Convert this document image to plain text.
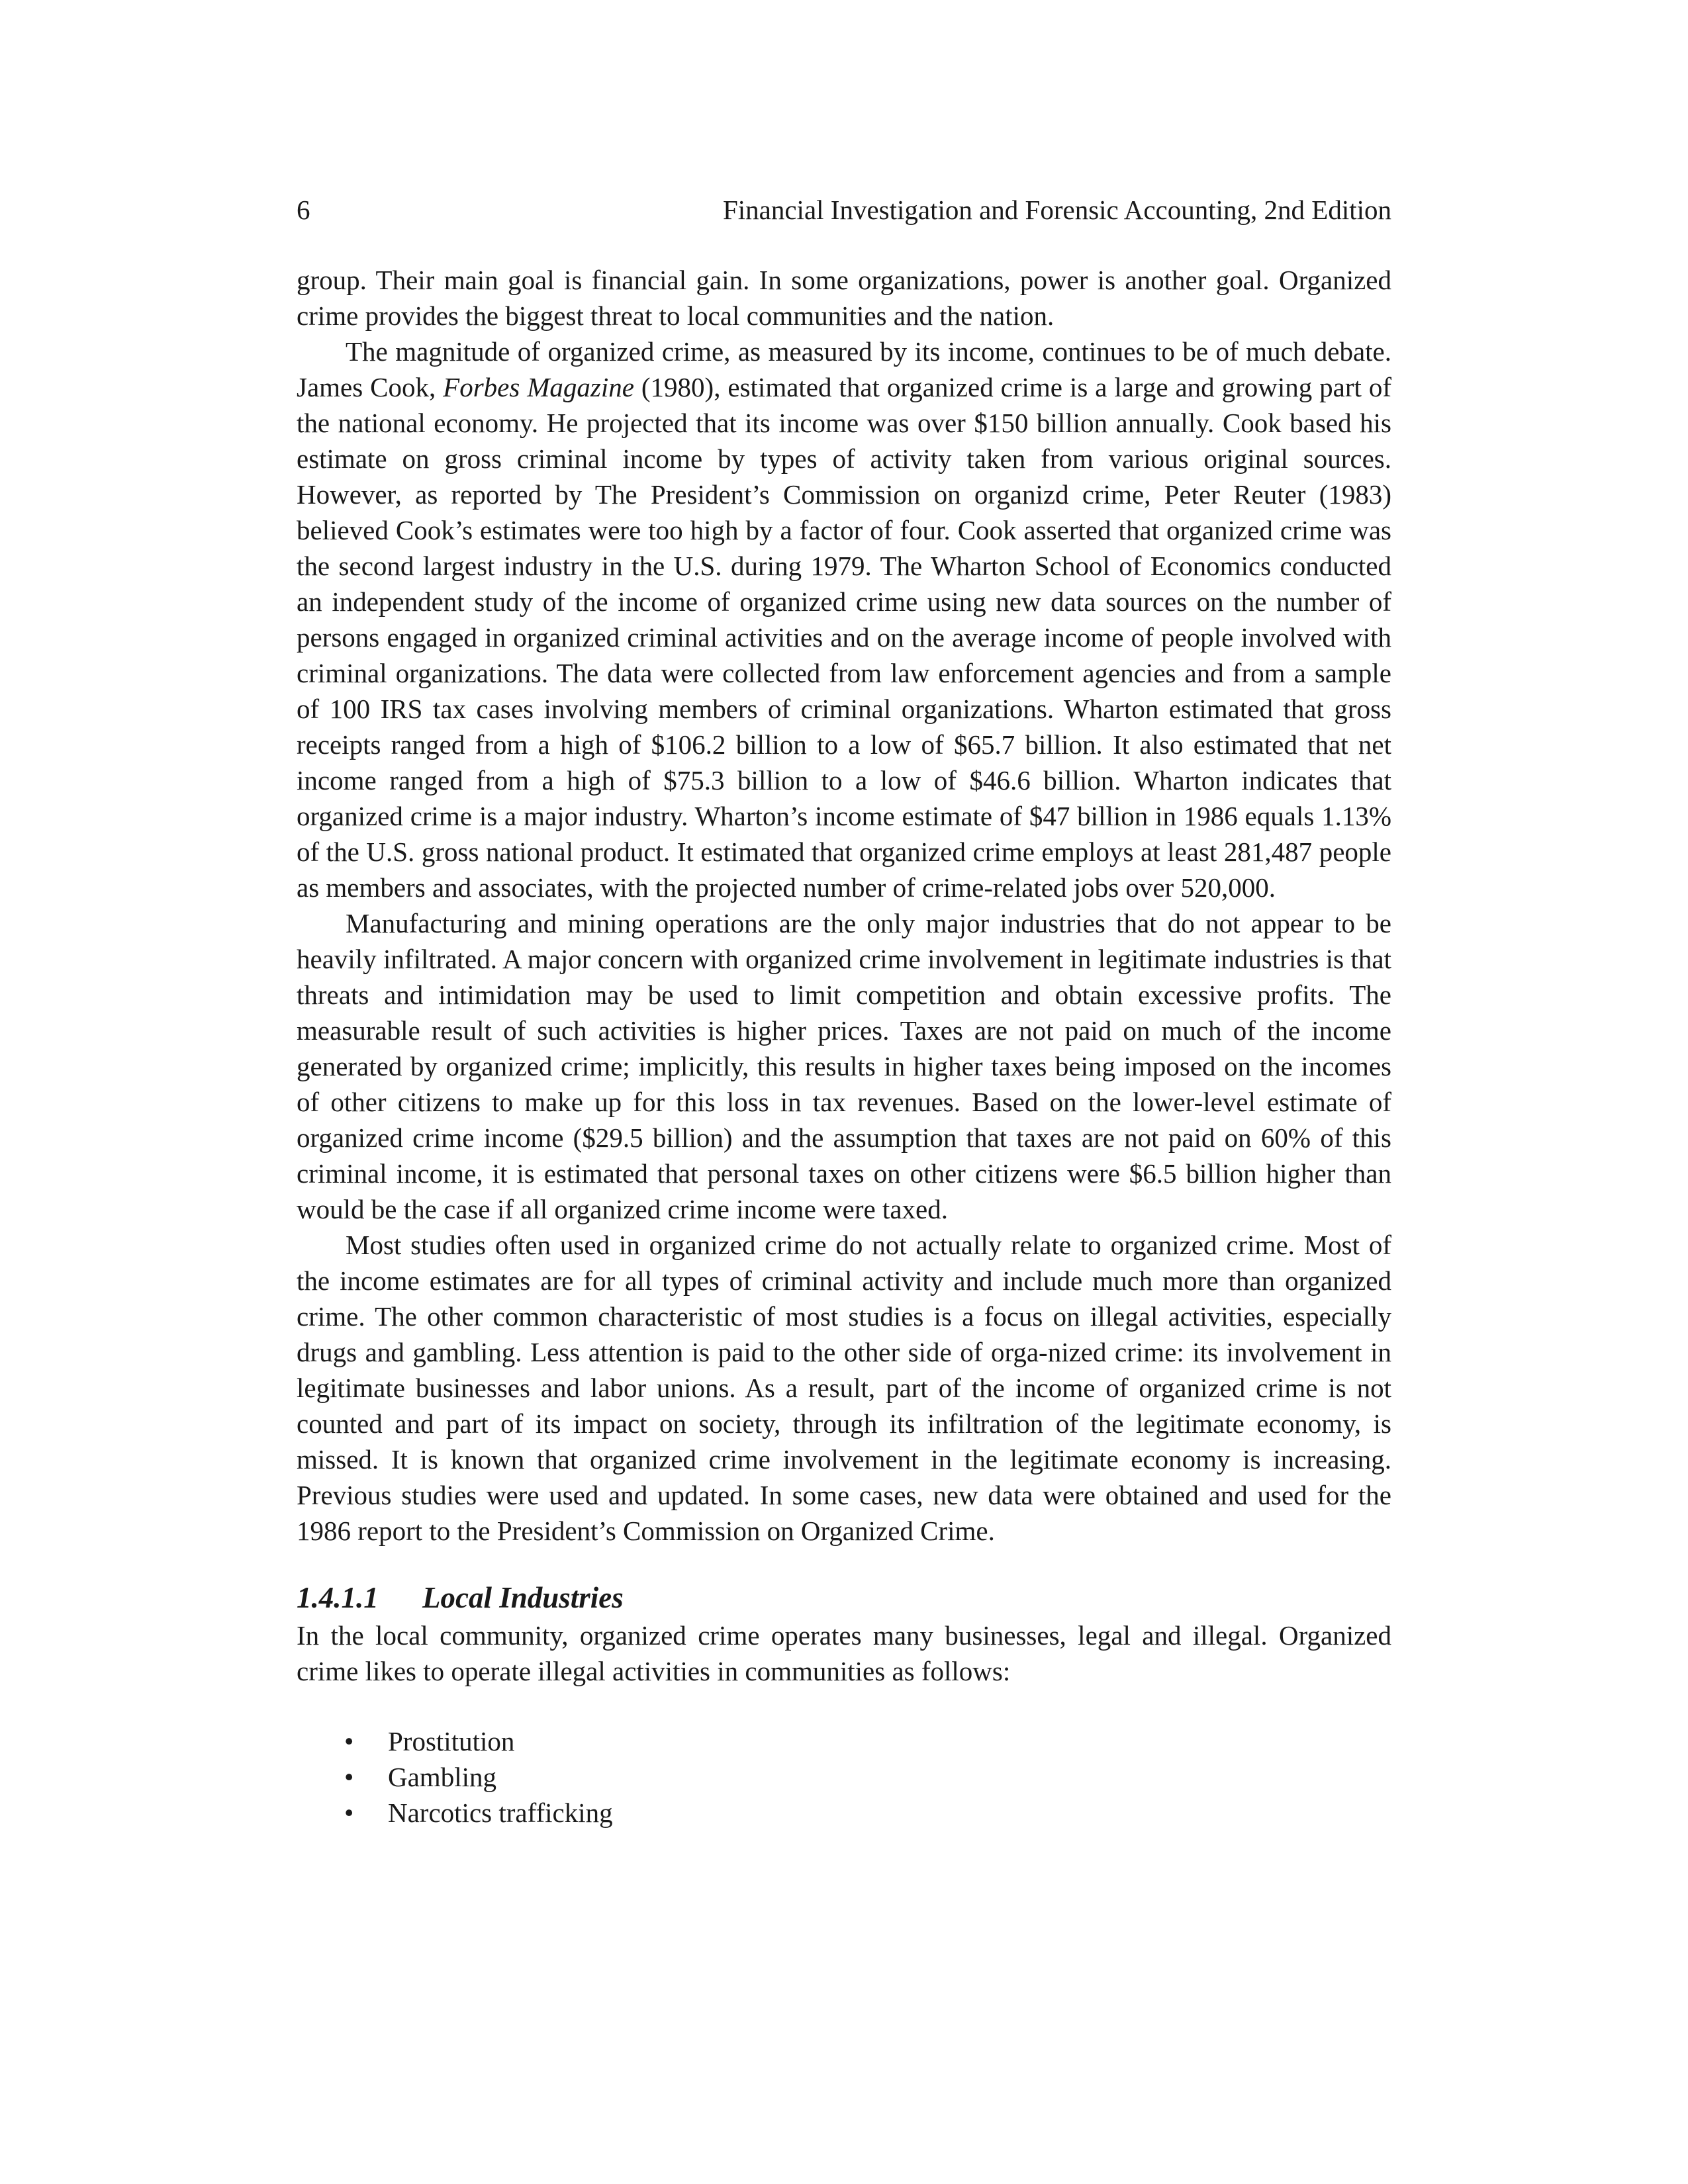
6	Financial Investigation and Forensic Accounting, 2nd Edition

group. Their main goal is financial gain. In some organizations, power is another goal. Organized crime provides the biggest threat to local communities and the nation.

The magnitude of organized crime, as measured by its income, continues to be of much debate. James Cook, Forbes Magazine (1980), estimated that organized crime is a large and growing part of the national economy. He projected that its income was over $150 billion annually. Cook based his estimate on gross criminal income by types of activity taken from various original sources. However, as reported by The President’s Commission on organizd crime, Peter Reuter (1983) believed Cook’s estimates were too high by a factor of four. Cook asserted that organized crime was the second largest industry in the U.S. during 1979. The Wharton School of Economics conducted an independent study of the income of organized crime using new data sources on the number of persons engaged in organized criminal activities and on the average income of people involved with criminal organizations. The data were collected from law enforcement agencies and from a sample of 100 IRS tax cases involving members of criminal organizations. Wharton estimated that gross receipts ranged from a high of $106.2 billion to a low of $65.7 billion. It also estimated that net income ranged from a high of $75.3 billion to a low of $46.6 billion. Wharton indicates that organized crime is a major industry. Wharton’s income estimate of $47 billion in 1986 equals 1.13% of the U.S. gross national product. It estimated that organized crime employs at least 281,487 people as members and associates, with the projected number of crime-related jobs over 520,000.

Manufacturing and mining operations are the only major industries that do not appear to be heavily infiltrated. A major concern with organized crime involvement in legitimate industries is that threats and intimidation may be used to limit competition and obtain excessive profits. The measurable result of such activities is higher prices. Taxes are not paid on much of the income generated by organized crime; implicitly, this results in higher taxes being imposed on the incomes of other citizens to make up for this loss in tax revenues. Based on the lower-level estimate of organized crime income ($29.5 billion) and the assumption that taxes are not paid on 60% of this criminal income, it is estimated that personal taxes on other citizens were $6.5 billion higher than would be the case if all organized crime income were taxed.

Most studies often used in organized crime do not actually relate to organized crime. Most of the income estimates are for all types of criminal activity and include much more than organized crime. The other common characteristic of most studies is a focus on illegal activities, especially drugs and gambling. Less attention is paid to the other side of orga-nized crime: its involvement in legitimate businesses and labor unions. As a result, part of the income of organized crime is not counted and part of its impact on society, through its infiltration of the legitimate economy, is missed. It is known that organized crime involvement in the legitimate economy is increasing. Previous studies were used and updated. In some cases, new data were obtained and used for the 1986 report to the President’s Commission on Organized Crime.

1.4.1.1	Local Industries

In the local community, organized crime operates many businesses, legal and illegal. Organized crime likes to operate illegal activities in communities as follows:

•	Prostitution
•	Gambling
•	Narcotics trafficking
